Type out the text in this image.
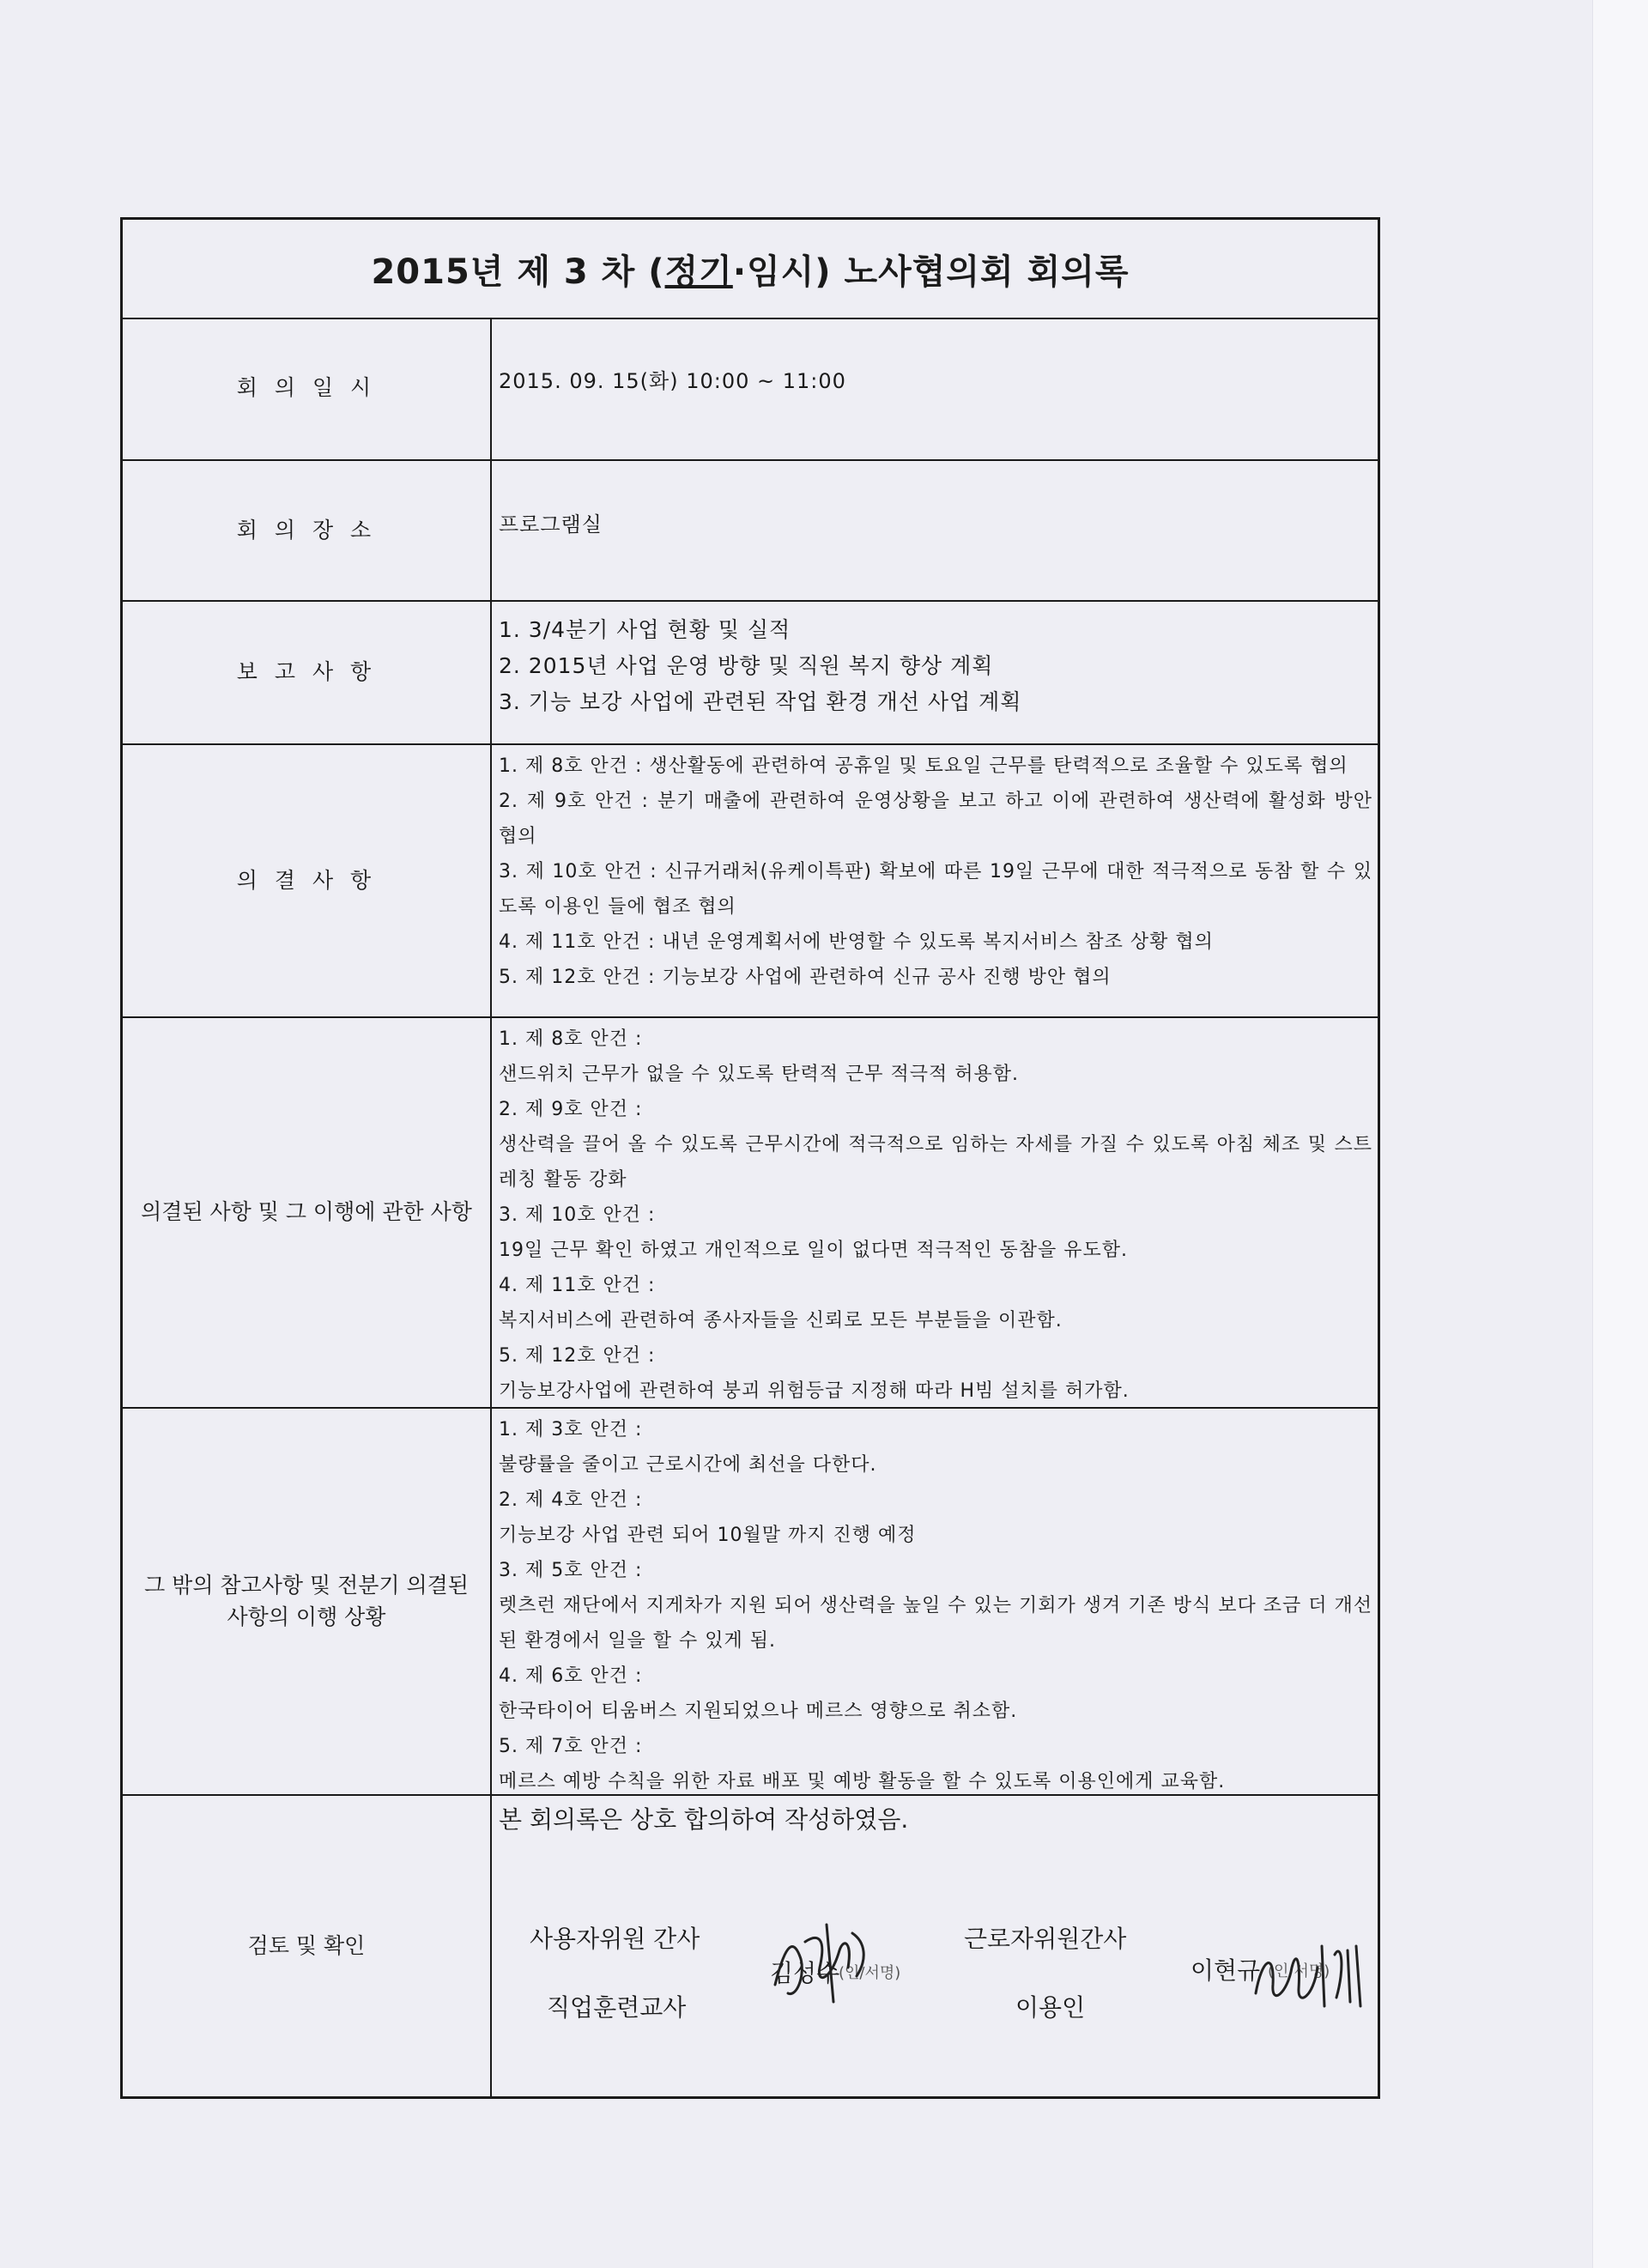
2015년 제 3 차 ( 정기 ·임시) 노사협의회 회의록
회 의 일 시	2015. 09. 15(화) 10:00 ~ 11:00
회 의 장 소	프로그램실
보 고 사 항
1. 3/4분기 사업 현황 및 실적
2. 2015년 사업 운영 방향 및 직원 복지 향상 계획
3. 기능 보강 사업에 관련된 작업 환경 개선 사업 계획
의 결 사 항
1. 제 8호 안건 : 생산활동에 관련하여 공휴일 및 토요일 근무를 탄력적으로 조율할 수 있도록 협의
2. 제 9호 안건 : 분기 매출에 관련하여 운영상황을 보고 하고 이에 관련하여 생산력에 활성화 방안 협의
3. 제 10호 안건 : 신규거래처(유케이특판) 확보에 따른 19일 근무에 대한 적극적으로 동참 할 수 있도록 이용인 들에 협조 협의
4. 제 11호 안건 : 내년 운영계획서에 반영할 수 있도록 복지서비스 참조 상황 협의
5. 제 12호 안건 : 기능보강 사업에 관련하여 신규 공사 진행 방안 협의
의결된 사항 및 그 이행에 관한 사항
1. 제 8호 안건 :
샌드위치 근무가 없을 수 있도록 탄력적 근무 적극적 허용함.
2. 제 9호 안건 :
생산력을 끌어 올 수 있도록 근무시간에 적극적으로 임하는 자세를 가질 수 있도록 아침 체조 및 스트레칭 활동 강화
3. 제 10호 안건 :
19일 근무 확인 하였고 개인적으로 일이 없다면 적극적인 동참을 유도함.
4. 제 11호 안건 :
복지서비스에 관련하여 종사자들을 신뢰로 모든 부분들을 이관함.
5. 제 12호 안건 :
기능보강사업에 관련하여 붕괴 위험등급 지정해 따라 H빔 설치를 허가함.
그 밖의 참고사항 및 전분기 의결된 사항의 이행 상황
1. 제 3호 안건 :
불량률을 줄이고 근로시간에 최선을 다한다.
2. 제 4호 안건 :
기능보강 사업 관련 되어 10월말 까지 진행 예정
3. 제 5호 안건 :
렛츠런 재단에서 지게차가 지원 되어 생산력을 높일 수 있는 기회가 생겨 기존 방식 보다 조금 더 개선된 환경에서 일을 할 수 있게 됨.
4. 제 6호 안건 :
한국타이어 티움버스 지원되었으나 메르스 영향으로 취소함.
5. 제 7호 안건 :
메르스 예방 수칙을 위한 자료 배포 및 예방 활동을 할 수 있도록 이용인에게 교육함.
검토 및 확인
본 회의록은 상호 합의하여 작성하였음.
사용자위원 간사
직업훈련교사
김성수
(인/서명)
근로자위원간사
이용인
이현규 (인/서명)
